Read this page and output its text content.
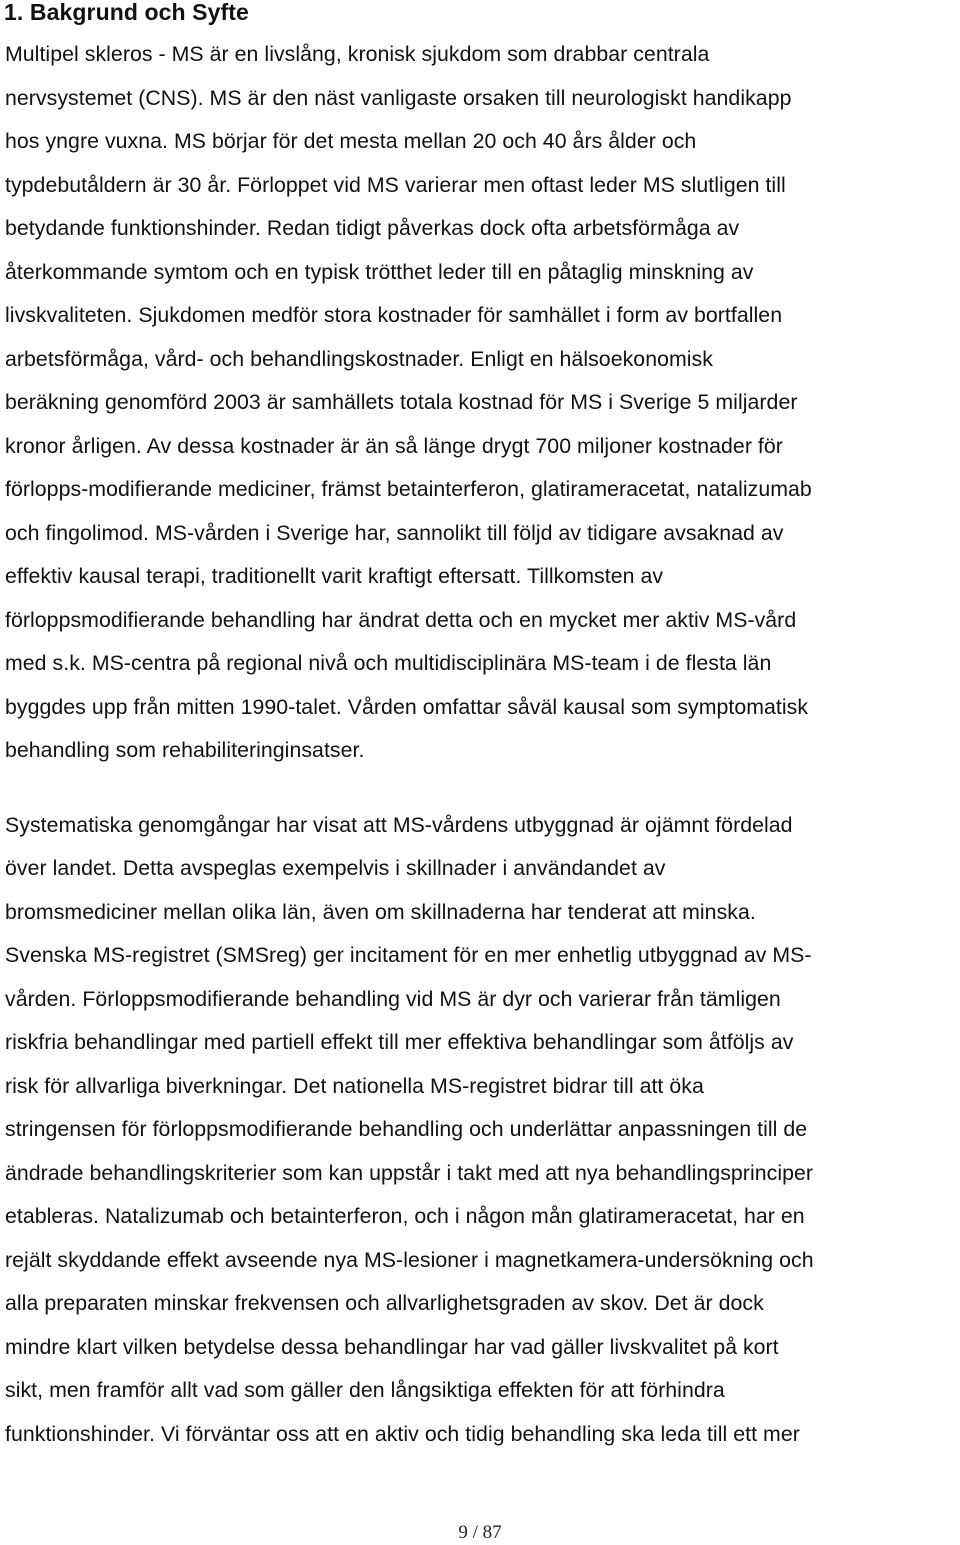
1. Bakgrund och Syfte

Multipel skleros - MS är en livslång, kronisk sjukdom som drabbar centrala

nervsystemet (CNS). MS är den näst vanligaste orsaken till neurologiskt handikapp

hos yngre vuxna. MS börjar för det mesta mellan 20 och 40 års ålder och

typdebutåldern är 30 år. Förloppet vid MS varierar men oftast leder MS slutligen till

betydande funktionshinder. Redan tidigt påverkas dock ofta arbetsförmåga av

återkommande symtom och en typisk trötthet leder till en påtaglig minskning av

livskvaliteten. Sjukdomen medför stora kostnader för samhället i form av bortfallen

arbetsförmåga, vård- och behandlingskostnader. Enligt en hälsoekonomisk

beräkning genomförd 2003 är samhällets totala kostnad för MS i Sverige 5 miljarder

kronor årligen. Av dessa kostnader är än så länge drygt 700 miljoner kostnader för

förlopps-modifierande mediciner, främst betainterferon, glatirameracetat, natalizumab

och fingolimod. MS-vården i Sverige har, sannolikt till följd av tidigare avsaknad av

effektiv kausal terapi, traditionellt varit kraftigt eftersatt. Tillkomsten av

förloppsmodifierande behandling har ändrat detta och en mycket mer aktiv MS-vård

med s.k. MS-centra på regional nivå och multidisciplinära MS-team i de flesta län

byggdes upp från mitten 1990-talet. Vården omfattar såväl kausal som symptomatisk

behandling som rehabiliteringinsatser.

Systematiska genomgångar har visat att MS-vårdens utbyggnad är ojämnt fördelad

över landet. Detta avspeglas exempelvis i skillnader i användandet av

bromsmediciner mellan olika län, även om skillnaderna har tenderat att minska.

Svenska MS-registret (SMSreg) ger incitament för en mer enhetlig utbyggnad av MS-

vården. Förloppsmodifierande behandling vid MS är dyr och varierar från tämligen

riskfria behandlingar med partiell effekt till mer effektiva behandlingar som åtföljs av

risk för allvarliga biverkningar. Det nationella MS-registret bidrar till att öka

stringensen för förloppsmodifierande behandling och underlättar anpassningen till de

ändrade behandlingskriterier som kan uppstår i takt med att nya behandlingsprinciper

etableras. Natalizumab och betainterferon, och i någon mån glatirameracetat, har en

rejält skyddande effekt avseende nya MS-lesioner i magnetkamera-undersökning och

alla preparaten minskar frekvensen och allvarlighetsgraden av skov. Det är dock

mindre klart vilken betydelse dessa behandlingar har vad gäller livskvalitet på kort

sikt, men framför allt vad som gäller den långsiktiga effekten för att förhindra

funktionshinder. Vi förväntar oss att en aktiv och tidig behandling ska leda till ett mer

9 / 87
